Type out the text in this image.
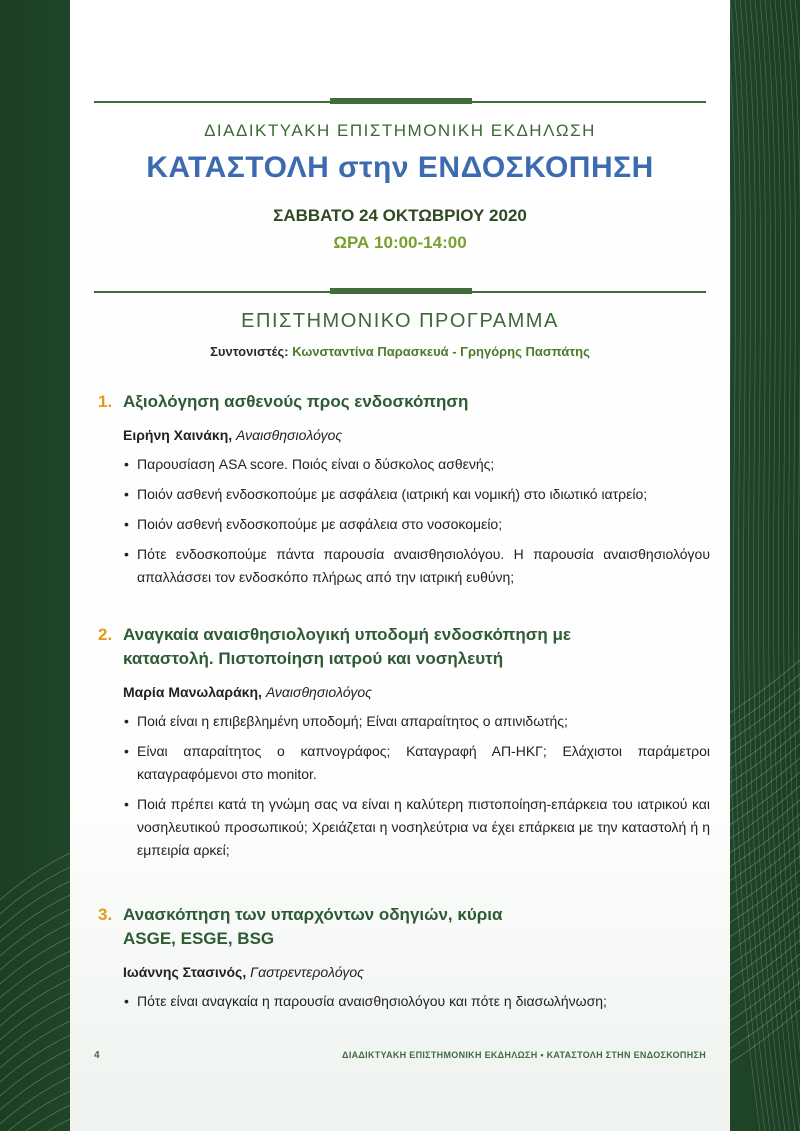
ΔΙΑΔΙΚΤΥΑΚΗ ΕΠΙΣΤΗΜΟΝΙΚΗ ΕΚΔΗΛΩΣΗ
ΚΑΤΑΣΤΟΛΗ στην ΕΝΔΟΣΚΟΠΗΣΗ
ΣΑΒΒΑΤΟ 24 ΟΚΤΩΒΡΙΟΥ 2020
ΩΡΑ 10:00-14:00
ΕΠΙΣΤΗΜΟΝΙΚΟ ΠΡΟΓΡΑΜΜΑ
Συντονιστές: Κωνσταντίνα Παρασκευά - Γρηγόρης Πασπάτης
1. Αξιολόγηση ασθενούς προς ενδοσκόπηση
Ειρήνη Χαινάκη, Αναισθησιολόγος
• Παρουσίαση ASA score. Ποιός είναι ο δύσκολος ασθενής;
• Ποιόν ασθενή ενδοσκοπούμε με ασφάλεια (ιατρική και νομική) στο ιδιωτικό ιατρείο;
• Ποιόν ασθενή ενδοσκοπούμε με ασφάλεια στο νοσοκομείο;
• Πότε ενδοσκοπούμε πάντα παρουσία αναισθησιολόγου. Η παρουσία αναισθησιολόγου απαλλάσσει τον ενδοσκόπο πλήρως από την ιατρική ευθύνη;
2. Αναγκαία αναισθησιολογική υποδομή ενδοσκόπηση με καταστολή. Πιστοποίηση ιατρού και νοσηλευτή
Μαρία Μανωλαράκη, Αναισθησιολόγος
• Ποιά είναι η επιβεβλημένη υποδομή; Είναι απαραίτητος ο απινιδωτής;
• Είναι απαραίτητος ο καπνογράφος; Καταγραφή ΑΠ-ΗΚΓ; Ελάχιστοι παράμετροι καταγραφόμενοι στο monitor.
• Ποιά πρέπει κατά τη γνώμη σας να είναι η καλύτερη πιστοποίηση-επάρκεια του ιατρικού και νοσηλευτικού προσωπικού; Χρειάζεται η νοσηλεύτρια να έχει επάρκεια με την καταστολή ή η εμπειρία αρκεί;
3. Ανασκόπηση των υπαρχόντων οδηγιών, κύρια ASGE, ESGE, BSG
Ιωάννης Στασινός, Γαστρεντερολόγος
• Πότε είναι αναγκαία η παρουσία αναισθησιολόγου και πότε η διασωλήνωση;
4	ΔΙΑΔΙΚΤΥΑΚΗ ΕΠΙΣΤΗΜΟΝΙΚΗ ΕΚΔΗΛΩΣΗ • ΚΑΤΑΣΤΟΛΗ ΣΤΗΝ ΕΝΔΟΣΚΟΠΗΣΗ
